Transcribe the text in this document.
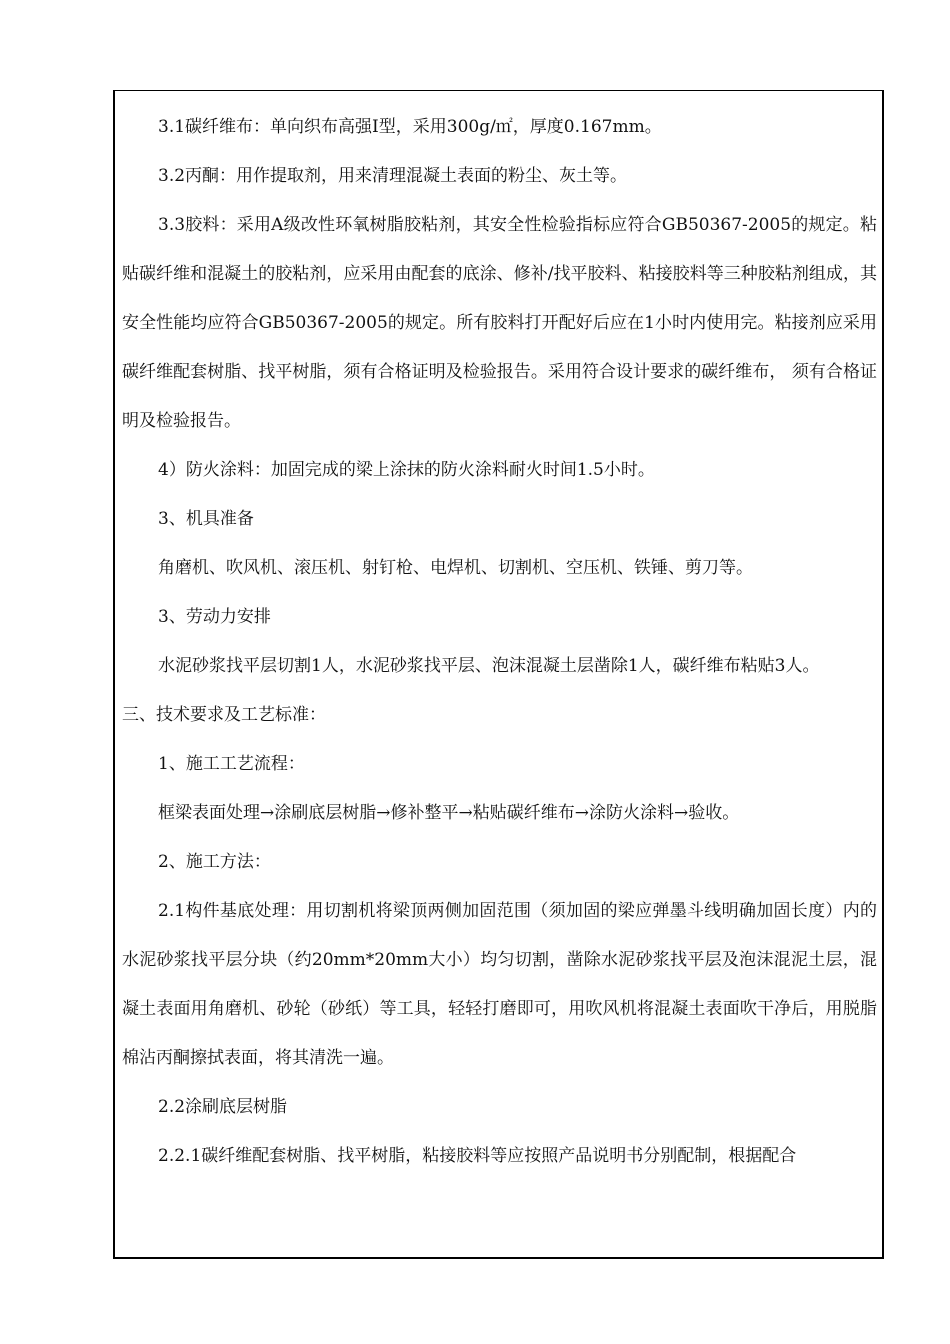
3.1碳纤维布：单向织布高强Ⅰ型，采用300g/㎡，厚度0.167mm。

3.2丙酮：用作提取剂，用来清理混凝土表面的粉尘、灰土等。

3.3胶料：采用A级改性环氧树脂胶粘剂，其安全性检验指标应符合GB50367-2005的规定。粘贴碳纤维和混凝土的胶粘剂，应采用由配套的底涂、修补/找平胶料、粘接胶料等三种胶粘剂组成，其安全性能均应符合GB50367-2005的规定。所有胶料打开配好后应在1小时内使用完。粘接剂应采用碳纤维配套树脂、找平树脂，须有合格证明及检验报告。采用符合设计要求的碳纤维布， 须有合格证明及检验报告。

4）防火涂料：加固完成的梁上涂抹的防火涂料耐火时间1.5小时。

3、机具准备

角磨机、吹风机、滚压机、射钉枪、电焊机、切割机、空压机、铁锤、剪刀等。

3、劳动力安排

水泥砂浆找平层切割1人，水泥砂浆找平层、泡沫混凝土层凿除1人，碳纤维布粘贴3人。

三、技术要求及工艺标准：

1、施工工艺流程：

框梁表面处理→涂刷底层树脂→修补整平→粘贴碳纤维布→涂防火涂料→验收。

2、施工方法：

2.1构件基底处理：用切割机将梁顶两侧加固范围（须加固的梁应弹墨斗线明确加固长度）内的水泥砂浆找平层分块（约20mm*20mm大小）均匀切割，凿除水泥砂浆找平层及泡沫混泥土层，混凝土表面用角磨机、砂轮（砂纸）等工具，轻轻打磨即可，用吹风机将混凝土表面吹干净后，用脱脂棉沾丙酮擦拭表面，将其清洗一遍。

2.2涂刷底层树脂

2.2.1碳纤维配套树脂、找平树脂，粘接胶料等应按照产品说明书分别配制，根据配合
